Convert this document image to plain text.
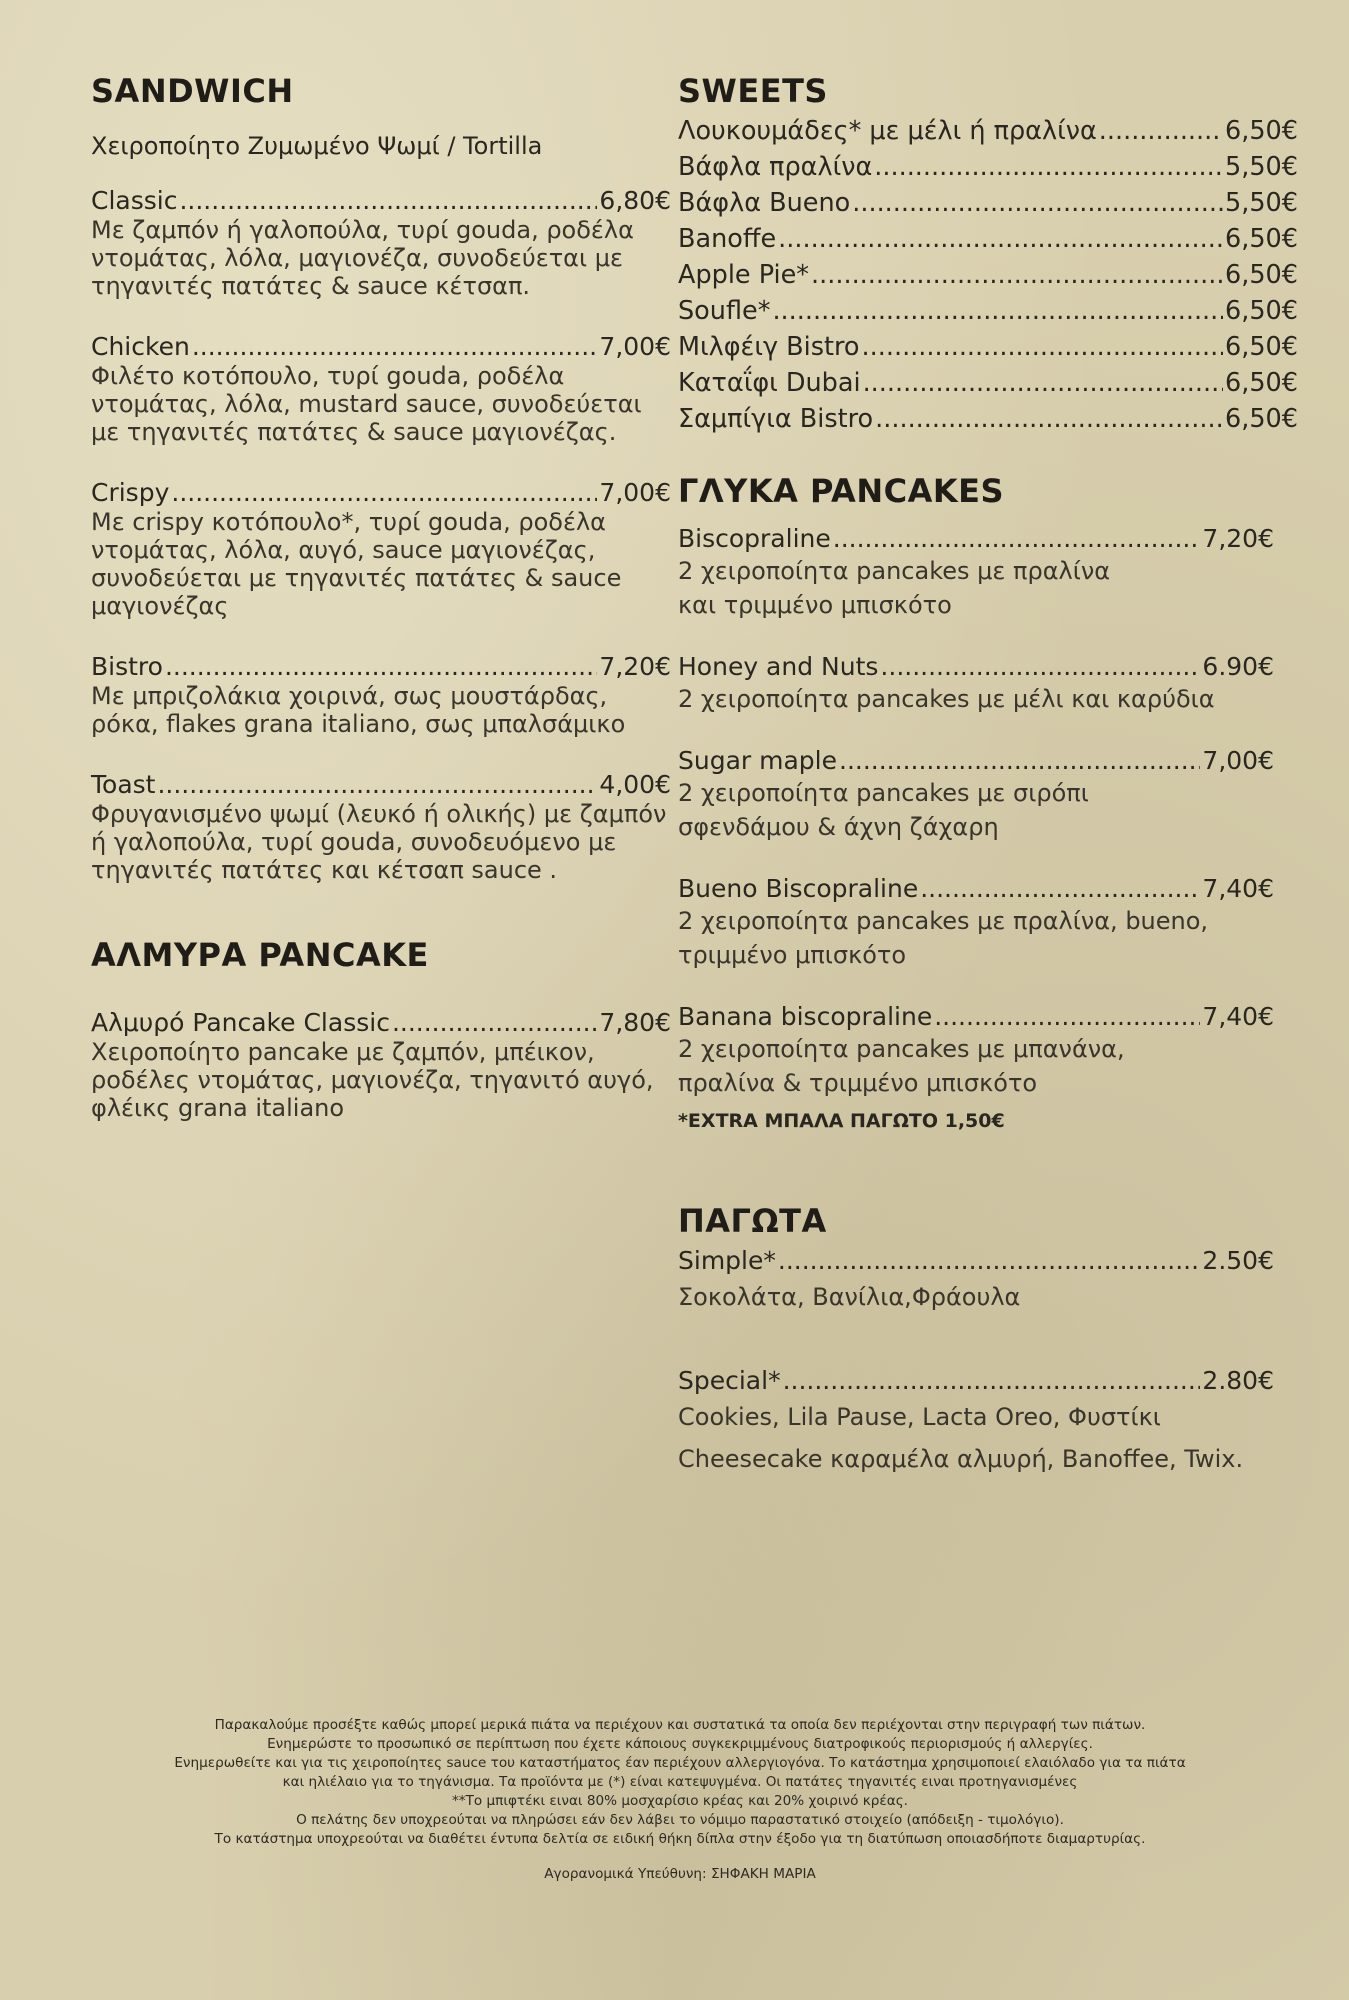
SANDWICH
Χειροποίητο Ζυμωμένο Ψωμί / Tortilla
Classic .....	6,80€
Με ζαμπόν ή γαλοπούλα, τυρί gouda, ροδέλα ντομάτας, λόλα, μαγιονέζα, συνοδεύεται με τηγανιτές πατάτες & sauce κέτσαπ.
Chicken .....	7,00€
Φιλέτο κοτόπουλο, τυρί gouda, ροδέλα ντομάτας, λόλα, mustard sauce, συνοδεύεται με τηγανιτές πατάτες & sauce μαγιονέζας.
Crispy .....	7,00€
Με crispy κοτόπουλο*, τυρί gouda, ροδέλα ντομάτας, λόλα, αυγό, sauce μαγιονέζας, συνοδεύεται με τηγανιτές πατάτες & sauce μαγιονέζας
Bistro .....	7,20€
Με μπριζολάκια χοιρινά, σως μουστάρδας, ρόκα, flakes grana italiano, σως μπαλσάμικο
Toast .....	4,00€
Φρυγανισμένο ψωμί (λευκό ή ολικής) με ζαμπόν ή γαλοπούλα, τυρί gouda, συνοδευόμενο με τηγανιτές πατάτες και κέτσαπ sauce .
ΑΛΜΥΡΑ PANCAKE
Αλμυρό Pancake Classic .....	7,80€
Χειροποίητο pancake με ζαμπόν, μπέικον, ροδέλες ντομάτας, μαγιονέζα, τηγανιτό αυγό, φλέικς grana italiano
SWEETS
Λουκουμάδες* με μέλι ή πραλίνα .....	6,50€
Βάφλα πραλίνα .....	5,50€
Βάφλα Bueno .....	5,50€
Banoffe .....	6,50€
Apple Pie* .....	6,50€
Soufle* .....	6,50€
Μιλφέιγ Bistro .....	6,50€
Καταΐφι Dubai .....	6,50€
Σαμπίγια Bistro .....	6,50€
ΓΛΥΚΑ PANCAKES
Biscopraline .....	7,20€
2 χειροποίητα pancakes με πραλίνα και τριμμένο μπισκότο
Honey and Nuts .....	6.90€
2 χειροποίητα pancakes με μέλι και καρύδια
Sugar maple .....	7,00€
2 χειροποίητα pancakes με σιρόπι σφενδάμου & άχνη ζάχαρη
Bueno Biscopraline .....	7,40€
2 χειροποίητα pancakes με πραλίνα, bueno, τριμμένο μπισκότο
Banana biscopraline .....	7,40€
2 χειροποίητα pancakes με μπανάνα, πραλίνα & τριμμένο μπισκότο
*EXTRA ΜΠΑΛΑ ΠΑΓΩΤΟ 1,50€
ΠΑΓΩΤΑ
Simple* .....	2.50€
Σοκολάτα, Βανίλια,Φράουλα
Special* .....	2.80€
Cookies, Lila Pause, Lacta Oreo, Φυστίκι Cheesecake καραμέλα αλμυρή, Banoffee, Twix.
Παρακαλούμε προσέξτε καθώς μπορεί μερικά πιάτα να περιέχουν και συστατικά τα οποία δεν περιέχονται στην περιγραφή των πιάτων.
Ενημερώστε το προσωπικό σε περίπτωση που έχετε κάποιους συγκεκριμμένους διατροφικούς περιορισμούς ή αλλεργίες.
Ενημερωθείτε και για τις χειροποίητες sauce του καταστήματος έαν περιέχουν αλλεργιογόνα. Το κατάστημα χρησιμοποιεί ελαιόλαδο για τα πιάτα
και ηλιέλαιο για το τηγάνισμα. Τα προϊόντα με (*) είναι κατεψυγμένα. Οι πατάτες τηγανιτές ειναι προτηγανισμένες
**Το μπιφτέκι ειναι 80% μοσχαρίσιο κρέας και 20% χοιρινό κρέας.
Ο πελάτης δεν υποχρεούται να πληρώσει εάν δεν λάβει το νόμιμο παραστατικό στοιχείο (απόδειξη - τιμολόγιο).
Το κατάστημα υποχρεούται να διαθέτει έντυπα δελτία σε ειδική θήκη δίπλα στην έξοδο για τη διατύπωση οποιασδήποτε διαμαρτυρίας.
Αγορανομικά Υπεύθυνη: ΣΗΦΑΚΗ ΜΑΡΙΑ
